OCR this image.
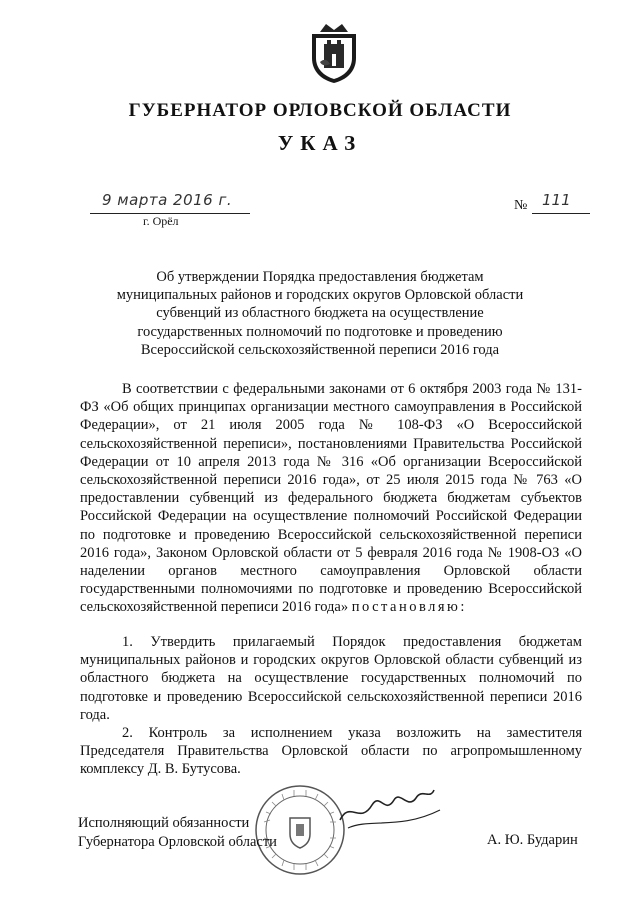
ГУБЕРНАТОР ОРЛОВСКОЙ ОБЛАСТИ
УКАЗ
9 марта 2016 г.
г. Орёл
№ 111
Об утверждении Порядка предоставления бюджетам муниципальных районов и городских округов Орловской области субвенций из областного бюджета на осуществление государственных полномочий по подготовке и проведению Всероссийской сельскохозяйственной переписи 2016 года
В соответствии с федеральными законами от 6 октября 2003 года № 131-ФЗ «Об общих принципах организации местного самоуправления в Российской Федерации», от 21 июля 2005 года № 108-ФЗ «О Всероссийской сельскохозяйственной переписи», постановлениями Правительства Российской Федерации от 10 апреля 2013 года № 316 «Об организации Всероссийской сельскохозяйственной переписи 2016 года», от 25 июля 2015 года № 763 «О предоставлении субвенций из федерального бюджета бюджетам субъектов Российской Федерации на осуществление полномочий Российской Федерации по подготовке и проведению Всероссийской сельскохозяйственной переписи 2016 года», Законом Орловской области от 5 февраля 2016 года № 1908-ОЗ «О наделении органов местного самоуправления Орловской области государственными полномочиями по подготовке и проведению Всероссийской сельскохозяйственной переписи 2016 года» постановляю:
1. Утвердить прилагаемый Порядок предоставления бюджетам муниципальных районов и городских округов Орловской области субвенций из областного бюджета на осуществление государственных полномочий по подготовке и проведению Всероссийской сельскохозяйственной переписи 2016 года.
2. Контроль за исполнением указа возложить на заместителя Председателя Правительства Орловской области по агропромышленному комплексу Д. В. Бутусова.
Исполняющий обязанности
Губернатора Орловской области	А. Ю. Бударин
